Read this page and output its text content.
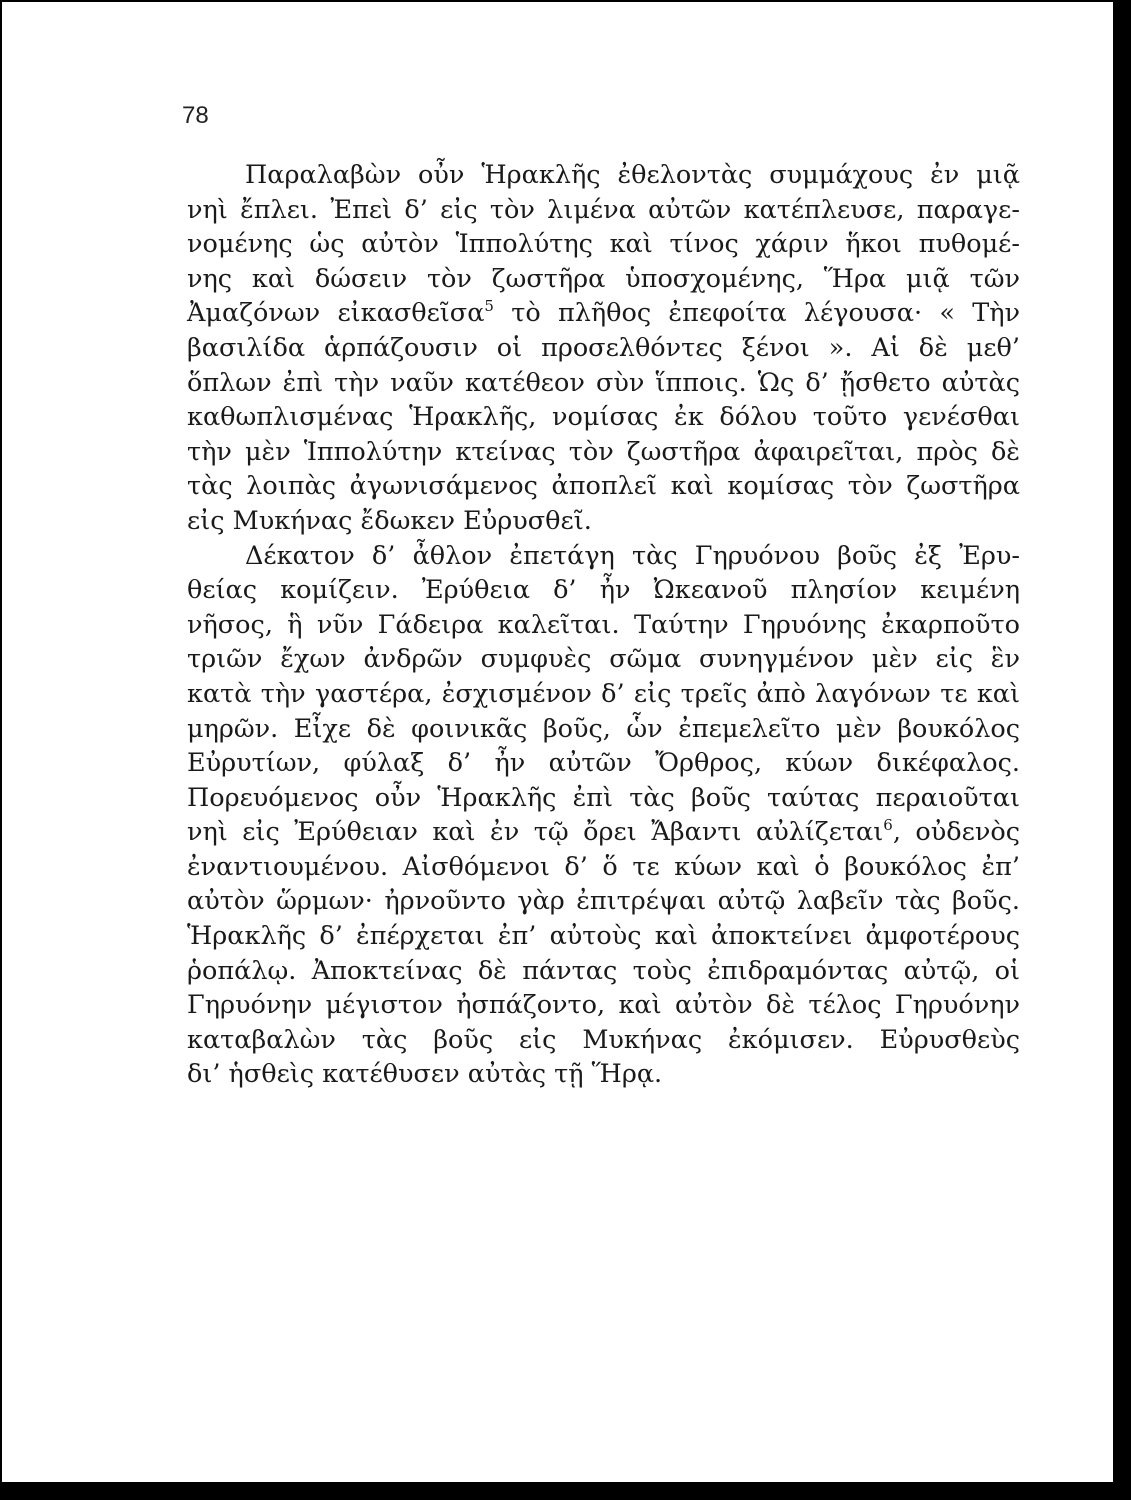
78
Παραλαβὼν οὖν Ἡρακλῆς ἐθελοντὰς συμμάχους ἐν μιᾷ
νηὶ ἔπλει. Ἐπεὶ δ’ εἰς τὸν λιμένα αὐτῶν κατέπλευσε, παραγε-
νομένης ὡς αὐτὸν Ἱππολύτης καὶ τίνος χάριν ἥκοι πυθομέ-
νης καὶ δώσειν τὸν ζωστῆρα ὑποσχομένης, Ἥρα μιᾷ τῶν
Ἀμαζόνων εἰκασθεῖσα$^5$ τὸ πλῆθος ἐπεφοίτα λέγουσα· « Τὴν
βασιλίδα ἁρπάζουσιν οἱ προσελθόντες ξένοι ». Αἱ δὲ μεθ’
ὅπλων ἐπὶ τὴν ναῦν κατέθεον σὺν ἵπποις. Ὡς δ’ ᾔσθετο αὐτὰς
καθωπλισμένας Ἡρακλῆς, νομίσας ἐκ δόλου τοῦτο γενέσθαι
τὴν μὲν Ἱππολύτην κτείνας τὸν ζωστῆρα ἀφαιρεῖται, πρὸς δὲ
τὰς λοιπὰς ἀγωνισάμενος ἀποπλεῖ καὶ κομίσας τὸν ζωστῆρα
εἰς Μυκήνας ἔδωκεν Εὐρυσθεῖ.
Δέκατον δ’ ἆθλον ἐπετάγη τὰς Γηρυόνου βοῦς ἐξ Ἐρυ-
θείας κομίζειν. Ἐρύθεια δ’ ἦν Ὠκεανοῦ πλησίον κειμένη
νῆσος, ἣ νῦν Γάδειρα καλεῖται. Ταύτην Γηρυόνης ἐκαρποῦτο
τριῶν ἔχων ἀνδρῶν συμφυὲς σῶμα συνηγμένον μὲν εἰς ἓν
κατὰ τὴν γαστέρα, ἐσχισμένον δ’ εἰς τρεῖς ἀπὸ λαγόνων τε καὶ
μηρῶν. Εἶχε δὲ φοινικᾶς βοῦς, ὧν ἐπεμελεῖτο μὲν βουκόλος
Εὐρυτίων, φύλαξ δ’ ἦν αὐτῶν Ὄρθρος, κύων δικέφαλος.
Πορευόμενος οὖν Ἡρακλῆς ἐπὶ τὰς βοῦς ταύτας περαιοῦται
νηὶ εἰς Ἐρύθειαν καὶ ἐν τῷ ὄρει Ἄβαντι αὐλίζεται$^6$, οὐδενὸς
ἐναντιουμένου. Αἰσθόμενοι δ’ ὅ τε κύων καὶ ὁ βουκόλος ἐπ’
αὐτὸν ὥρμων· ἠρνοῦντο γὰρ ἐπιτρέψαι αὐτῷ λαβεῖν τὰς βοῦς.
Ἡρακλῆς δ’ ἐπέρχεται ἐπ’ αὐτοὺς καὶ ἀποκτείνει ἀμφοτέρους
ῥοπάλῳ. Ἀποκτείνας δὲ πάντας τοὺς ἐπιδραμόντας αὐτῷ, οἱ
Γηρυόνην μέγιστον ἠσπάζοντο, καὶ αὐτὸν δὲ τέλος Γηρυόνην
καταβαλὼν τὰς βοῦς εἰς Μυκήνας ἐκόμισεν. Εὐρυσθεὺς
δι’ ἡσθεὶς κατέθυσεν αὐτὰς τῇ Ἥρᾳ.
